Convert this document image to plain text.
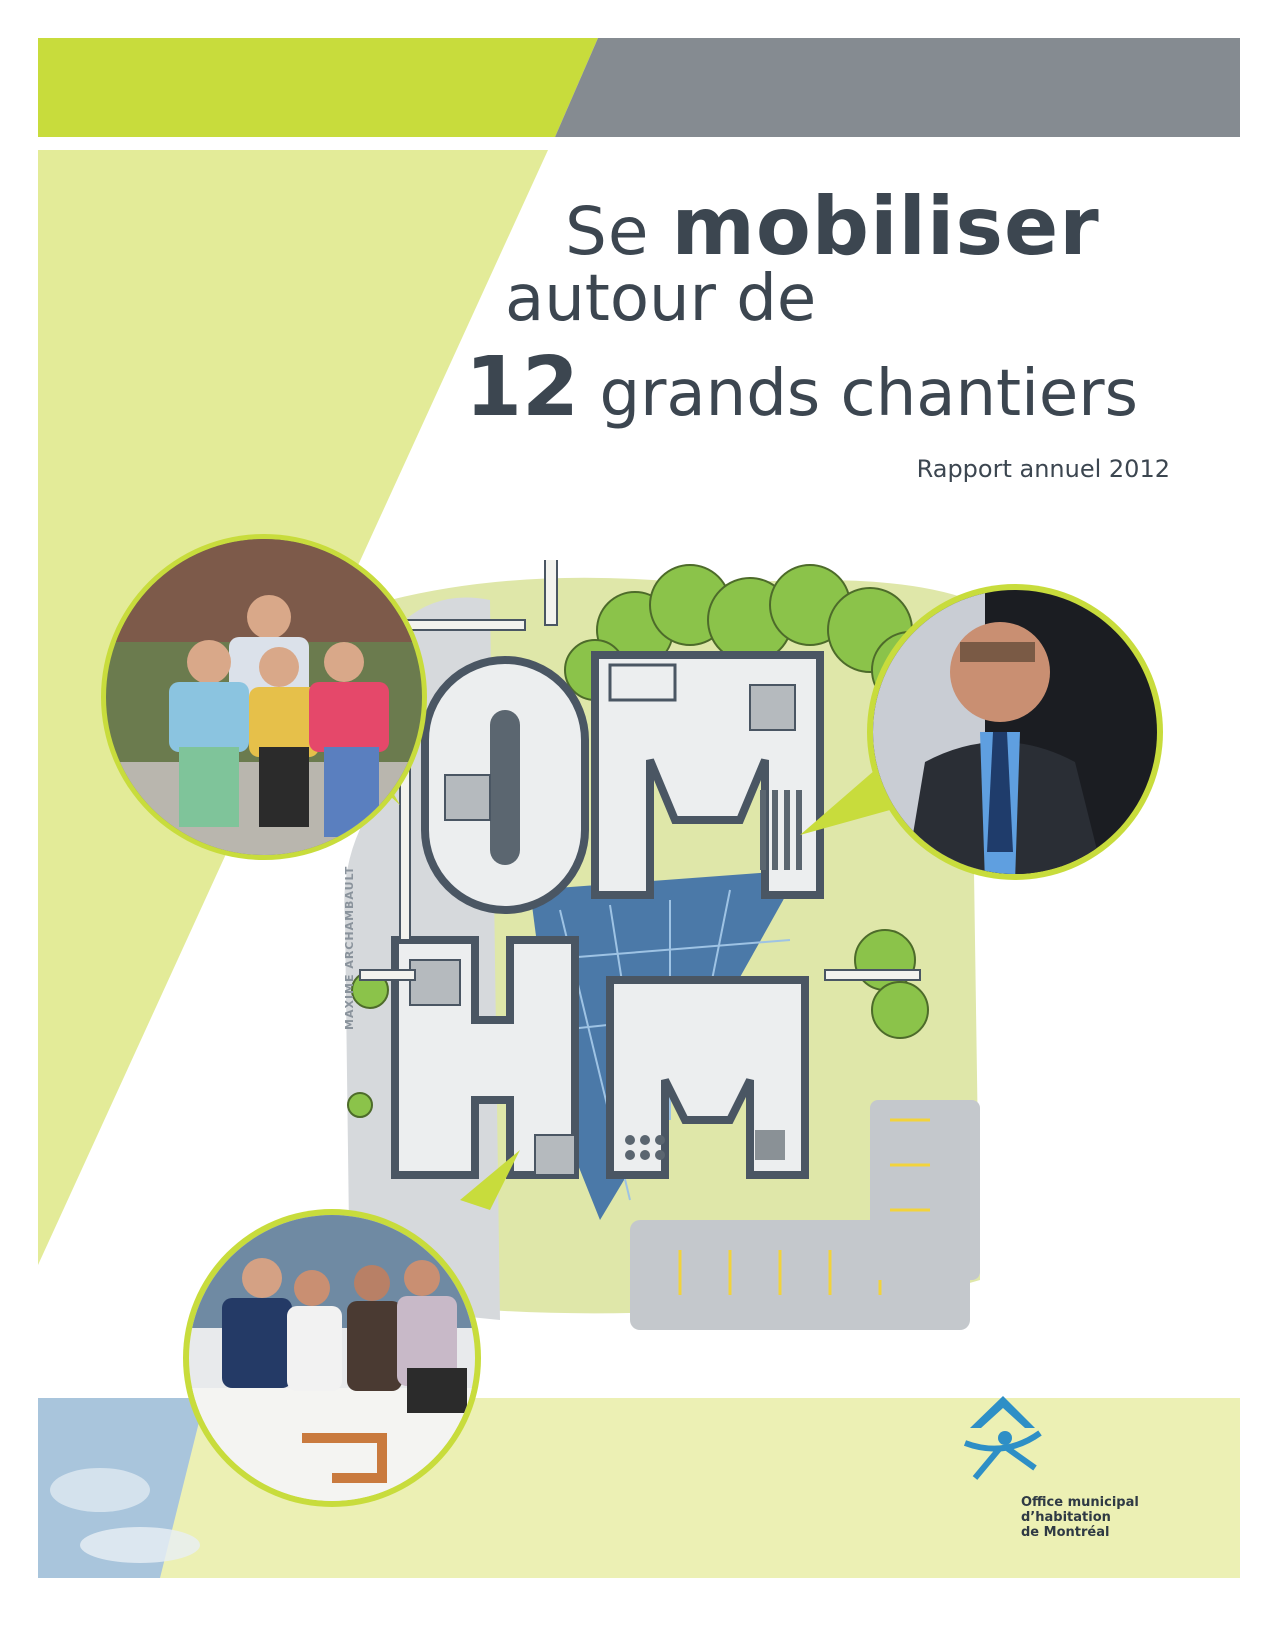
Se mobiliser
autour de
12 grands chantiers
Rapport annuel 2012
MAXIME ARCHAMBAULT
Office municipal
d’habitation
de Montréal
